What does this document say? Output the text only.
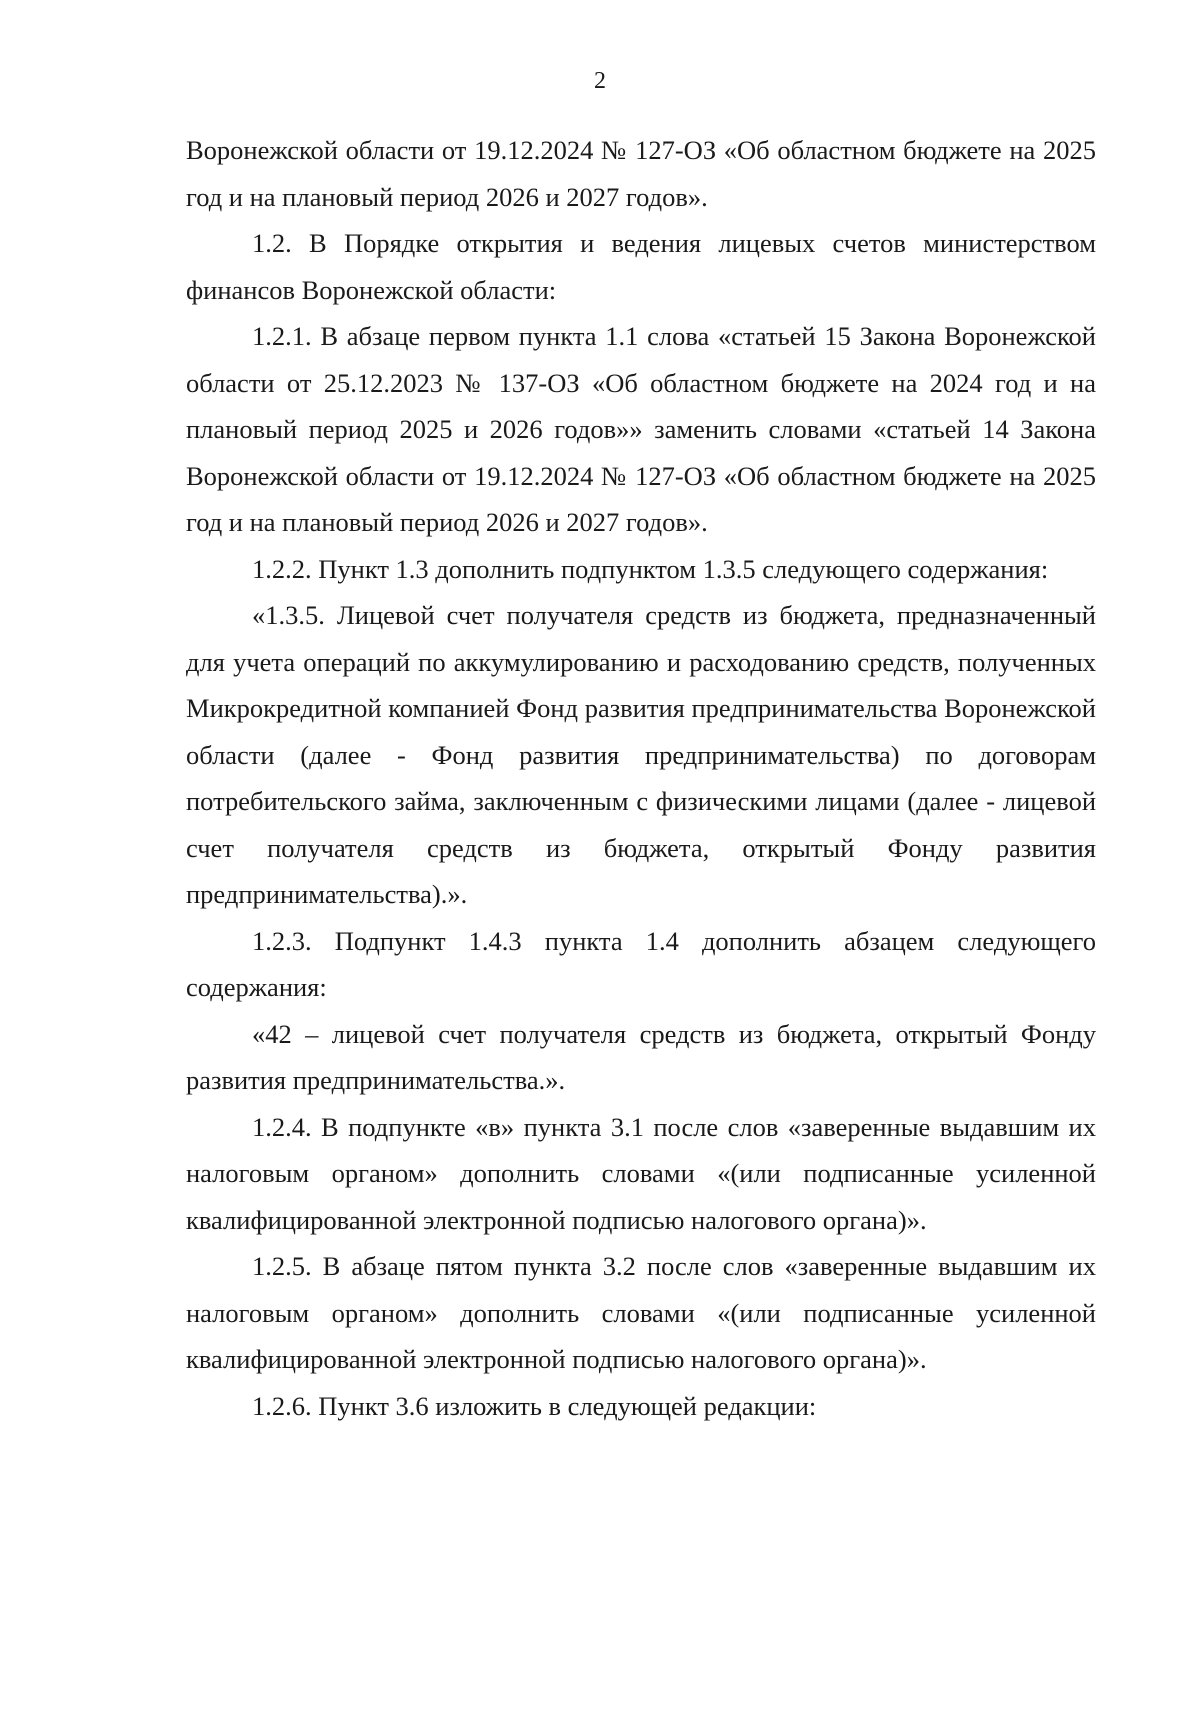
2

Воронежской области от 19.12.2024 № 127-ОЗ «Об областном бюджете на 2025 год и на плановый период 2026 и 2027 годов».

1.2. В Порядке открытия и ведения лицевых счетов министерством финансов Воронежской области:

1.2.1. В абзаце первом пункта 1.1 слова «статьей 15 Закона Воронежской области от 25.12.2023 № 137-ОЗ «Об областном бюджете на 2024 год и на плановый период 2025 и 2026 годов»» заменить словами «статьей 14 Закона Воронежской области от 19.12.2024 № 127-ОЗ «Об областном бюджете на 2025 год и на плановый период 2026 и 2027 годов».

1.2.2. Пункт 1.3 дополнить подпунктом 1.3.5 следующего содержания:

«1.3.5. Лицевой счет получателя средств из бюджета, предназначенный для учета операций по аккумулированию и расходованию средств, полученных Микрокредитной компанией Фонд развития предпринимательства Воронежской области (далее - Фонд развития предпринимательства) по договорам потребительского займа, заключенным с физическими лицами (далее - лицевой счет получателя средств из бюджета, открытый Фонду развития предпринимательства).».

1.2.3. Подпункт 1.4.3 пункта 1.4 дополнить абзацем следующего содержания:

«42 – лицевой счет получателя средств из бюджета, открытый Фонду развития предпринимательства.».

1.2.4. В подпункте «в» пункта 3.1 после слов «заверенные выдавшим их налоговым органом» дополнить словами «(или подписанные усиленной квалифицированной электронной подписью налогового органа)».

1.2.5. В абзаце пятом пункта 3.2 после слов «заверенные выдавшим их налоговым органом» дополнить словами «(или подписанные усиленной квалифицированной электронной подписью налогового органа)».

1.2.6. Пункт 3.6 изложить в следующей редакции:
